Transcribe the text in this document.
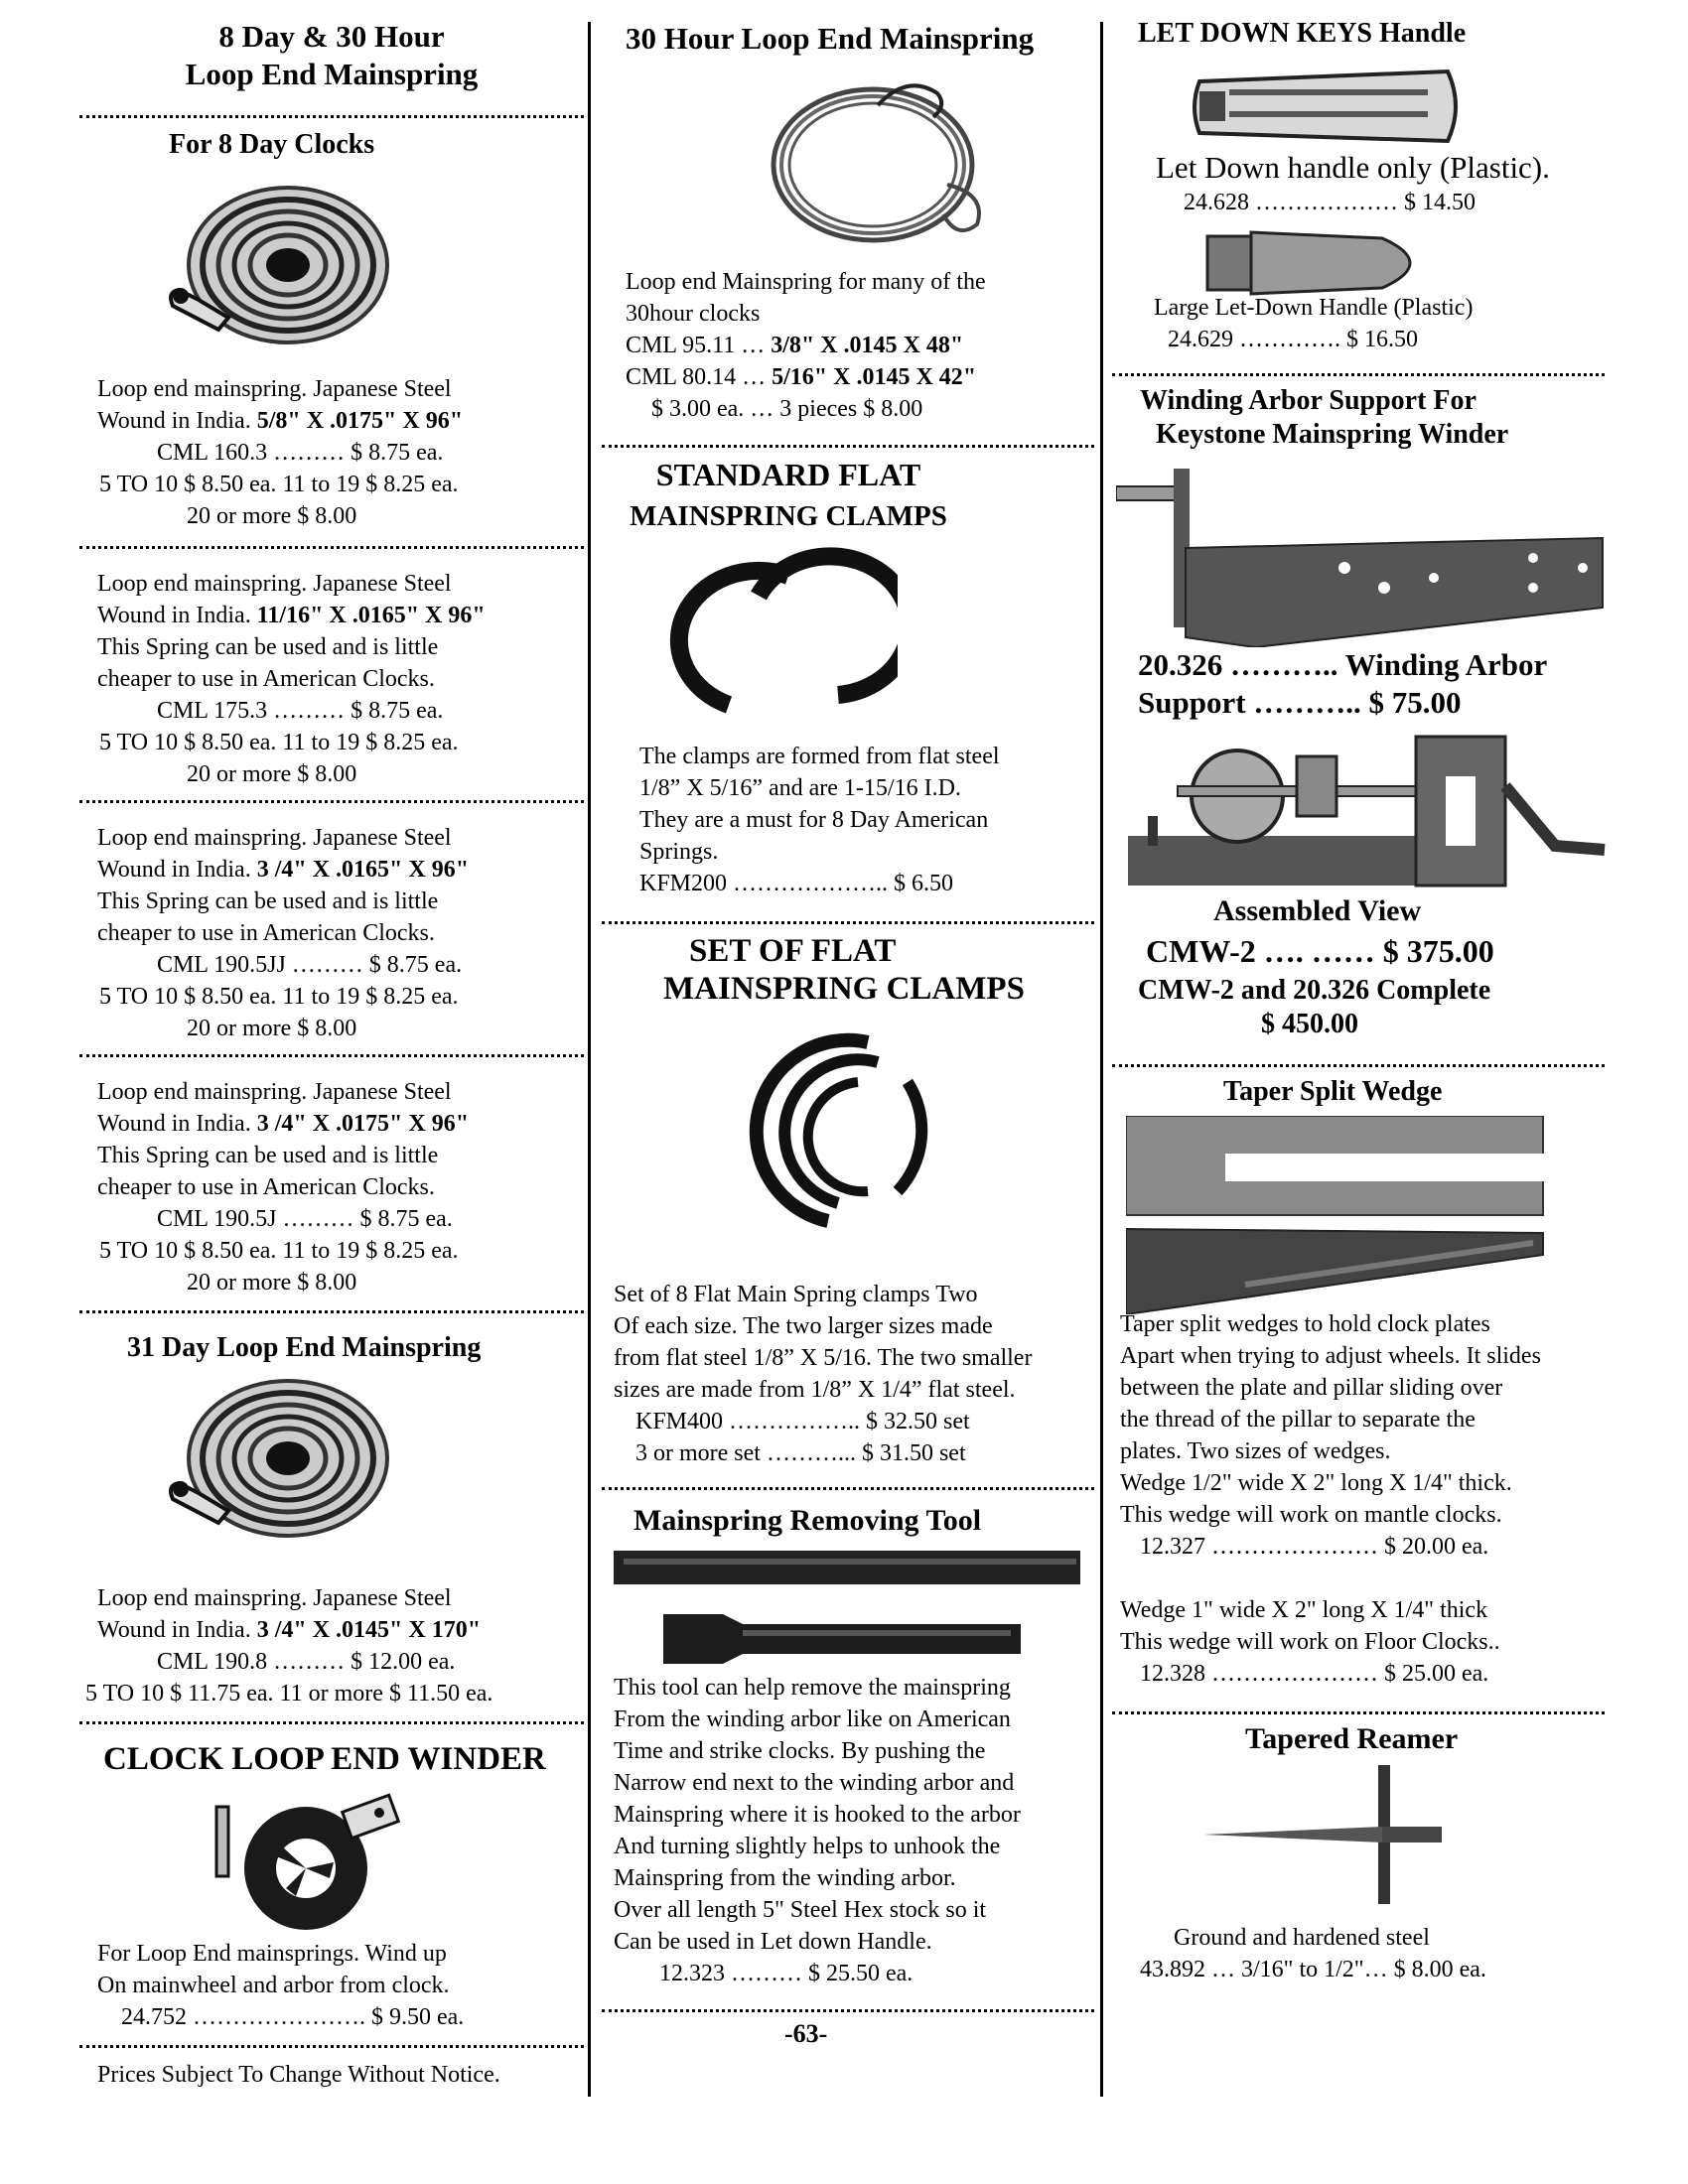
8 Day & 30 Hour
Loop End Mainspring
For 8 Day Clocks
Loop end mainspring. Japanese Steel
Wound in India. 5/8" X .0175" X 96"
CML 160.3 ……… $ 8.75 ea.
5 TO 10 $ 8.50 ea. 11 to 19 $ 8.25 ea.
20 or more $ 8.00
Loop end mainspring. Japanese Steel
Wound in India. 11/16" X .0165" X 96"
This Spring can be used and is little
cheaper to use in American Clocks.
CML 175.3 ……… $ 8.75 ea.
5 TO 10 $ 8.50 ea. 11 to 19 $ 8.25 ea.
20 or more $ 8.00
Loop end mainspring. Japanese Steel
Wound in India. 3 /4" X .0165" X 96"
This Spring can be used and is little
cheaper to use in American Clocks.
CML 190.5JJ ……… $ 8.75 ea.
5 TO 10 $ 8.50 ea. 11 to 19 $ 8.25 ea.
20 or more $ 8.00
Loop end mainspring. Japanese Steel
Wound in India. 3 /4" X .0175" X 96"
This Spring can be used and is little
cheaper to use in American Clocks.
CML 190.5J ……… $ 8.75 ea.
5 TO 10 $ 8.50 ea. 11 to 19 $ 8.25 ea.
20 or more $ 8.00
31 Day Loop End Mainspring
Loop end mainspring. Japanese Steel
Wound in India. 3 /4" X .0145" X 170"
CML 190.8 ……… $ 12.00 ea.
5 TO 10 $ 11.75 ea. 11 or more $ 11.50 ea.
CLOCK LOOP END WINDER
For Loop End mainsprings. Wind up
On mainwheel and arbor from clock.
24.752 …………………. $ 9.50 ea.
Prices Subject To Change Without Notice.
30 Hour Loop End Mainspring
Loop end Mainspring for many of the
30hour clocks
CML 95.11 … 3/8" X .0145 X 48"
CML 80.14 … 5/16" X .0145 X 42"
$ 3.00 ea. … 3 pieces $ 8.00
STANDARD FLAT
MAINSPRING CLAMPS
The clamps are formed from flat steel
1/8” X 5/16” and are 1-15/16 I.D.
They are a must for 8 Day American
Springs.
KFM200 ……………….. $ 6.50
SET OF FLAT
MAINSPRING CLAMPS
Set of 8 Flat Main Spring clamps Two
Of each size. The two larger sizes made
from flat steel 1/8” X 5/16. The two smaller
sizes are made from 1/8” X 1/4” flat steel.
KFM400 …………….. $ 32.50 set
3 or more set ………... $ 31.50 set
Mainspring Removing Tool
This tool can help remove the mainspring
From the winding arbor like on American
Time and strike clocks. By pushing the
Narrow end next to the winding arbor and
Mainspring where it is hooked to the arbor
And turning slightly helps to unhook the
Mainspring from the winding arbor.
Over all length 5" Steel Hex stock so it
Can be used in Let down Handle.
12.323 ……… $ 25.50 ea.
-63-
LET DOWN KEYS Handle
Let Down handle only (Plastic).
24.628 ……………… $ 14.50
Large Let-Down Handle (Plastic)
24.629 …………. $ 16.50
Winding Arbor Support For
Keystone Mainspring Winder
20.326 ……….. Winding Arbor
Support ……….. $ 75.00
Assembled View
CMW-2 …. …… $ 375.00
CMW-2 and 20.326 Complete
$ 450.00
Taper Split Wedge
Taper split wedges to hold clock plates
Apart when trying to adjust wheels. It slides
between the plate and pillar sliding over
the thread of the pillar to separate the
plates. Two sizes of wedges.
Wedge 1/2" wide X 2" long X 1/4" thick.
This wedge will work on mantle clocks.
12.327 ………………… $ 20.00 ea.
Wedge 1" wide X 2" long X 1/4" thick
This wedge will work on Floor Clocks..
12.328 ………………… $ 25.00 ea.
Tapered Reamer
Ground and hardened steel
43.892 … 3/16" to 1/2"… $ 8.00 ea.
